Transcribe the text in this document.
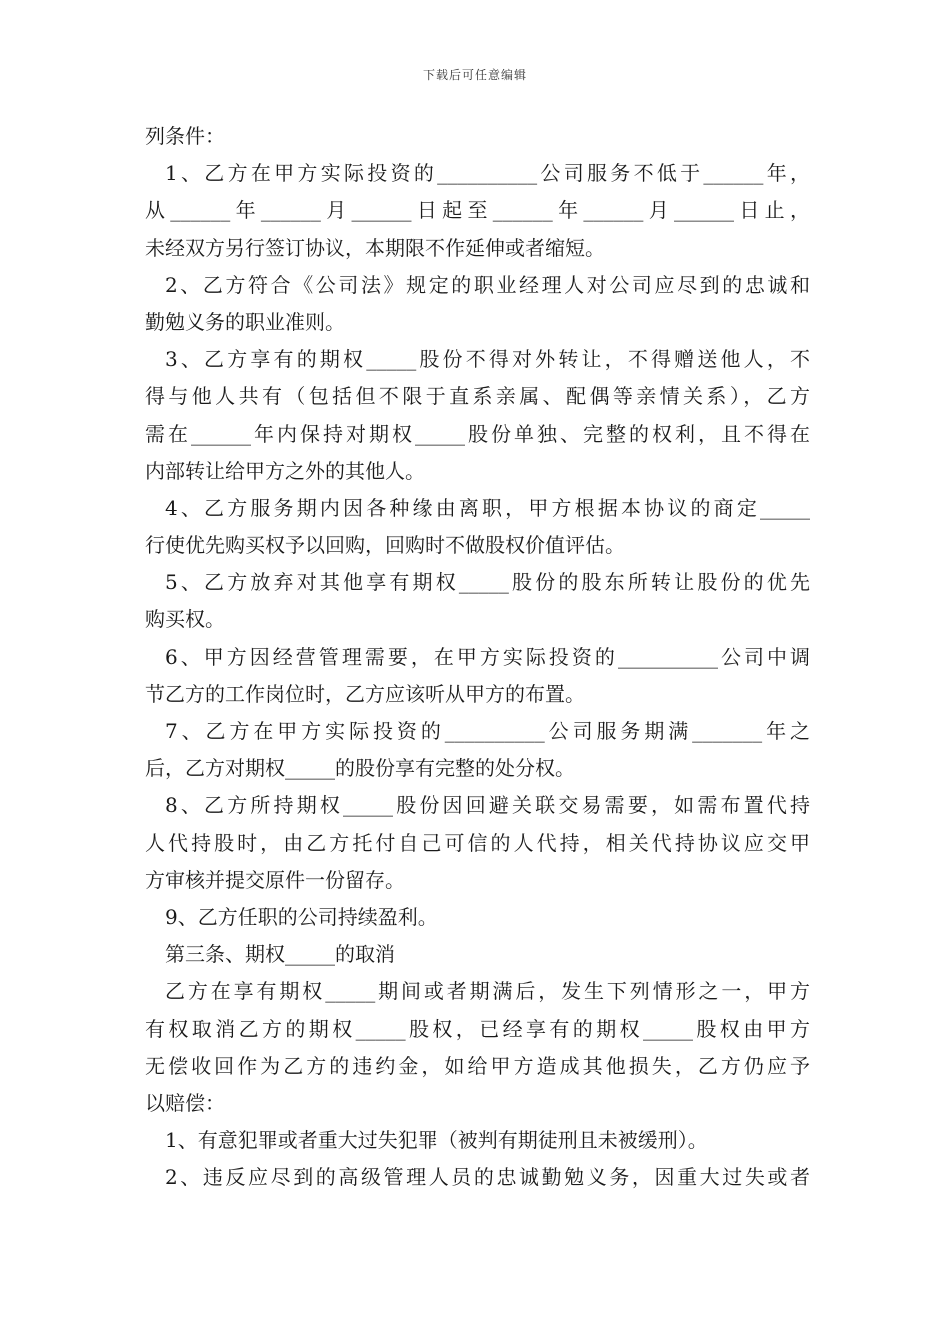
下载后可任意编辑
列条件：
1、乙方在甲方实际投资的__________公司服务不低于______年，
从______年______月______日起至______年______月______日止，
未经双方另行签订协议，本期限不作延伸或者缩短。
2、乙方符合《公司法》规定的职业经理人对公司应尽到的忠诚和
勤勉义务的职业准则。
3、乙方享有的期权_____股份不得对外转让，不得赠送他人，不
得与他人共有（包括但不限于直系亲属、配偶等亲情关系），乙方
需在______年内保持对期权_____股份单独、完整的权利，且不得在
内部转让给甲方之外的其他人。
4、乙方服务期内因各种缘由离职，甲方根据本协议的商定_____
行使优先购买权予以回购，回购时不做股权价值评估。
5、乙方放弃对其他享有期权_____股份的股东所转让股份的优先
购买权。
6、甲方因经营管理需要，在甲方实际投资的__________公司中调
节乙方的工作岗位时，乙方应该听从甲方的布置。
7、乙方在甲方实际投资的__________公司服务期满_______年之
后，乙方对期权_____的股份享有完整的处分权。
8、乙方所持期权_____股份因回避关联交易需要，如需布置代持
人代持股时，由乙方托付自己可信的人代持，相关代持协议应交甲
方审核并提交原件一份留存。
9、乙方任职的公司持续盈利。
第三条、期权_____的取消
乙方在享有期权_____期间或者期满后，发生下列情形之一，甲方
有权取消乙方的期权_____股权，已经享有的期权_____股权由甲方
无偿收回作为乙方的违约金，如给甲方造成其他损失，乙方仍应予
以赔偿：
1、有意犯罪或者重大过失犯罪（被判有期徒刑且未被缓刑）。
2、违反应尽到的高级管理人员的忠诚勤勉义务，因重大过失或者
